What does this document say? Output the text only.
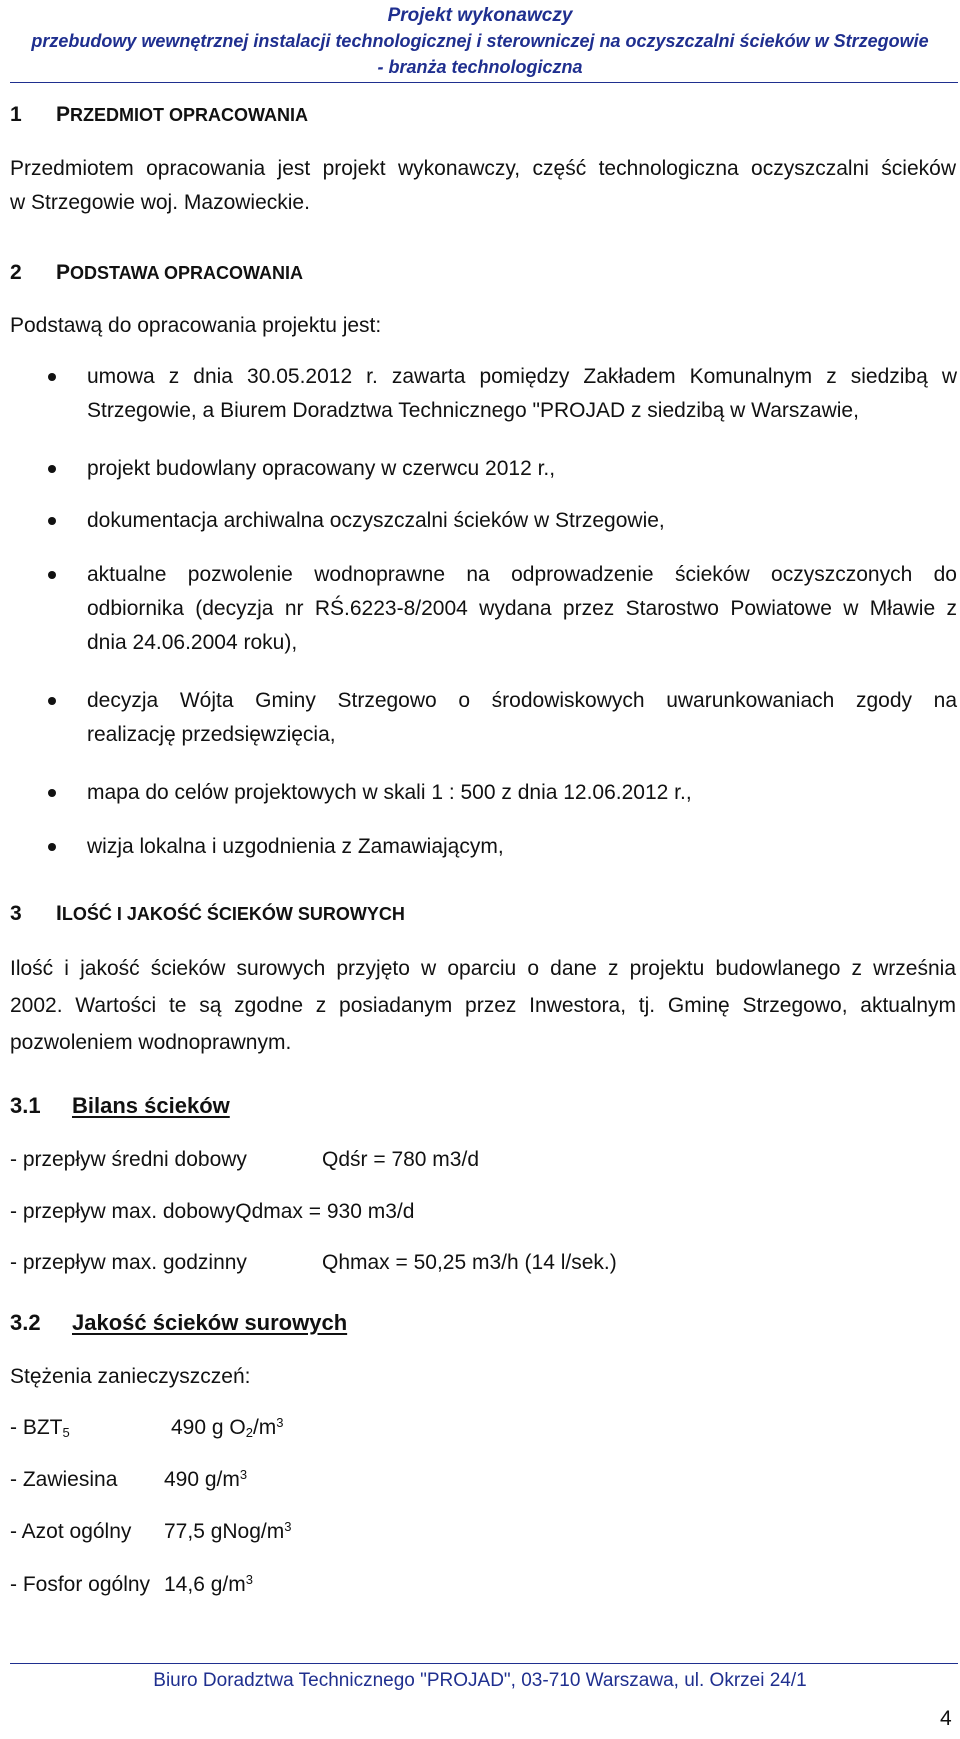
Projekt wykonawczy
przebudowy wewnętrznej instalacji technologicznej i sterowniczej na oczyszczalni ścieków w Strzegowie
- branża technologiczna
1 PRZEDMIOT OPRACOWANIA
Przedmiotem opracowania jest projekt wykonawczy, część technologiczna oczyszczalni ścieków
w Strzegowie woj. Mazowieckie.
2 PODSTAWA OPRACOWANIA
Podstawą do opracowania projektu jest:
umowa z dnia 30.05.2012 r. zawarta pomiędzy Zakładem Komunalnym z siedzibą w
Strzegowie, a Biurem Doradztwa Technicznego "PROJAD z siedzibą w Warszawie,
projekt budowlany opracowany w czerwcu 2012 r.,
dokumentacja archiwalna oczyszczalni ścieków w Strzegowie,
aktualne pozwolenie wodnoprawne na odprowadzenie ścieków oczyszczonych do
odbiornika (decyzja nr RŚ.6223-8/2004 wydana przez Starostwo Powiatowe w Mławie z
dnia 24.06.2004 roku),
decyzja Wójta Gminy Strzegowo o środowiskowych uwarunkowaniach zgody na
realizację przedsięwzięcia,
mapa do celów projektowych w skali 1 : 500 z dnia 12.06.2012 r.,
wizja lokalna i uzgodnienia z Zamawiającym,
3 ILOŚĆ I JAKOŚĆ ŚCIEKÓW SUROWYCH
Ilość i jakość ścieków surowych przyjęto w oparciu o dane z projektu budowlanego z września
2002. Wartości te są zgodne z posiadanym przez Inwestora, tj. Gminę Strzegowo, aktualnym
pozwoleniem wodnoprawnym.
3.1 Bilans ścieków
- przepływ średni dobowy	Qdśr = 780 m3/d
- przepływ max. dobowyQdmax = 930 m3/d
- przepływ max. godzinny	Qhmax = 50,25 m3/h (14 l/sek.)
3.2 Jakość ścieków surowych
Stężenia zanieczyszczeń:
- $BZT_5$	490 g $O_2/m^3$
- Zawiesina 490 $g/m^3$
- Azot ogólny 77,5 gNog/$m^3$
- Fosfor ogólny 14,6 $g/m^3$
Biuro Doradztwa Technicznego "PROJAD", 03-710 Warszawa, ul. Okrzei 24/1
4
